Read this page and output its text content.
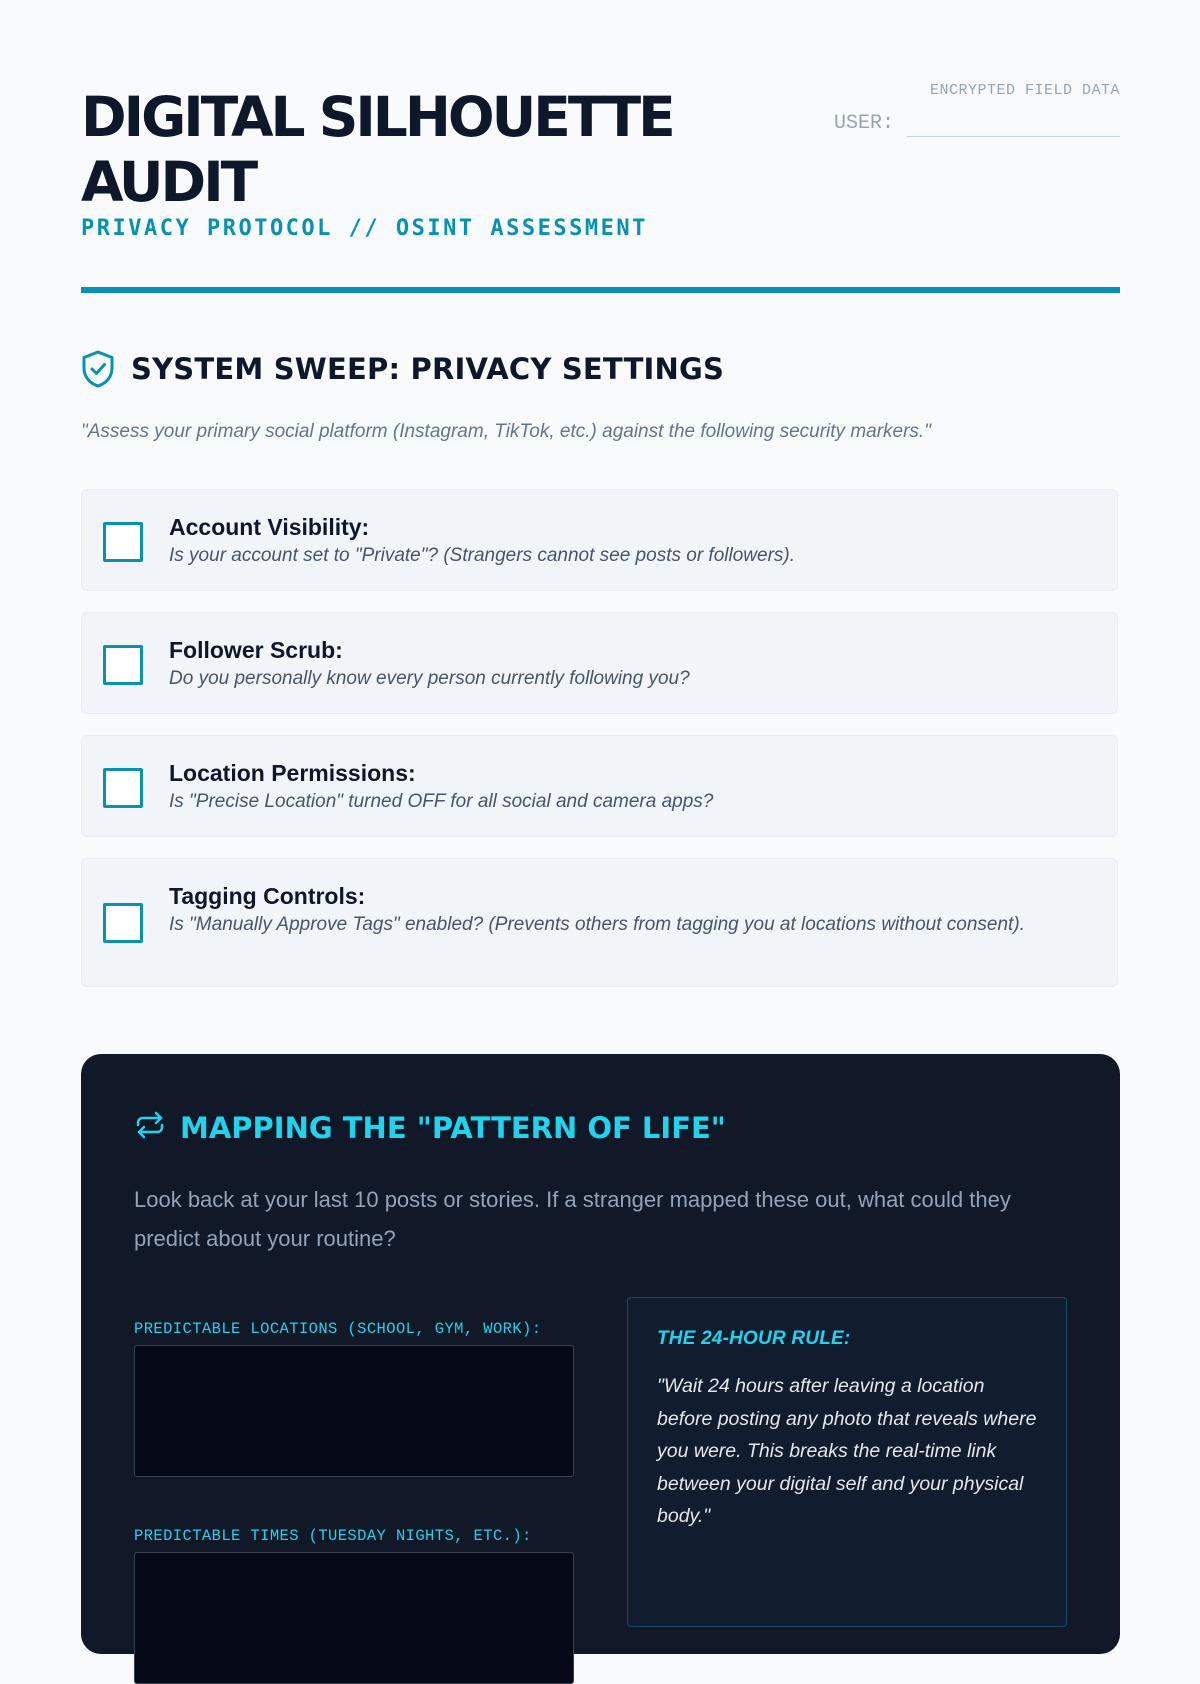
DIGITAL SILHOUETTE AUDIT
PRIVACY PROTOCOL // OSINT ASSESSMENT
ENCRYPTED FIELD DATA
USER:
SYSTEM SWEEP: PRIVACY SETTINGS
"Assess your primary social platform (Instagram, TikTok, etc.) against the following security markers."
Account Visibility:
Is your account set to "Private"? (Strangers cannot see posts or followers).
Follower Scrub:
Do you personally know every person currently following you?
Location Permissions:
Is "Precise Location" turned OFF for all social and camera apps?
Tagging Controls:
Is "Manually Approve Tags" enabled? (Prevents others from tagging you at locations without consent).
MAPPING THE "PATTERN OF LIFE"
Look back at your last 10 posts or stories. If a stranger mapped these out, what could they predict about your routine?
PREDICTABLE LOCATIONS (SCHOOL, GYM, WORK):
PREDICTABLE TIMES (TUESDAY NIGHTS, ETC.):
THE 24-HOUR RULE:
"Wait 24 hours after leaving a location before posting any photo that reveals where you were. This breaks the real-time link between your digital self and your physical body."
